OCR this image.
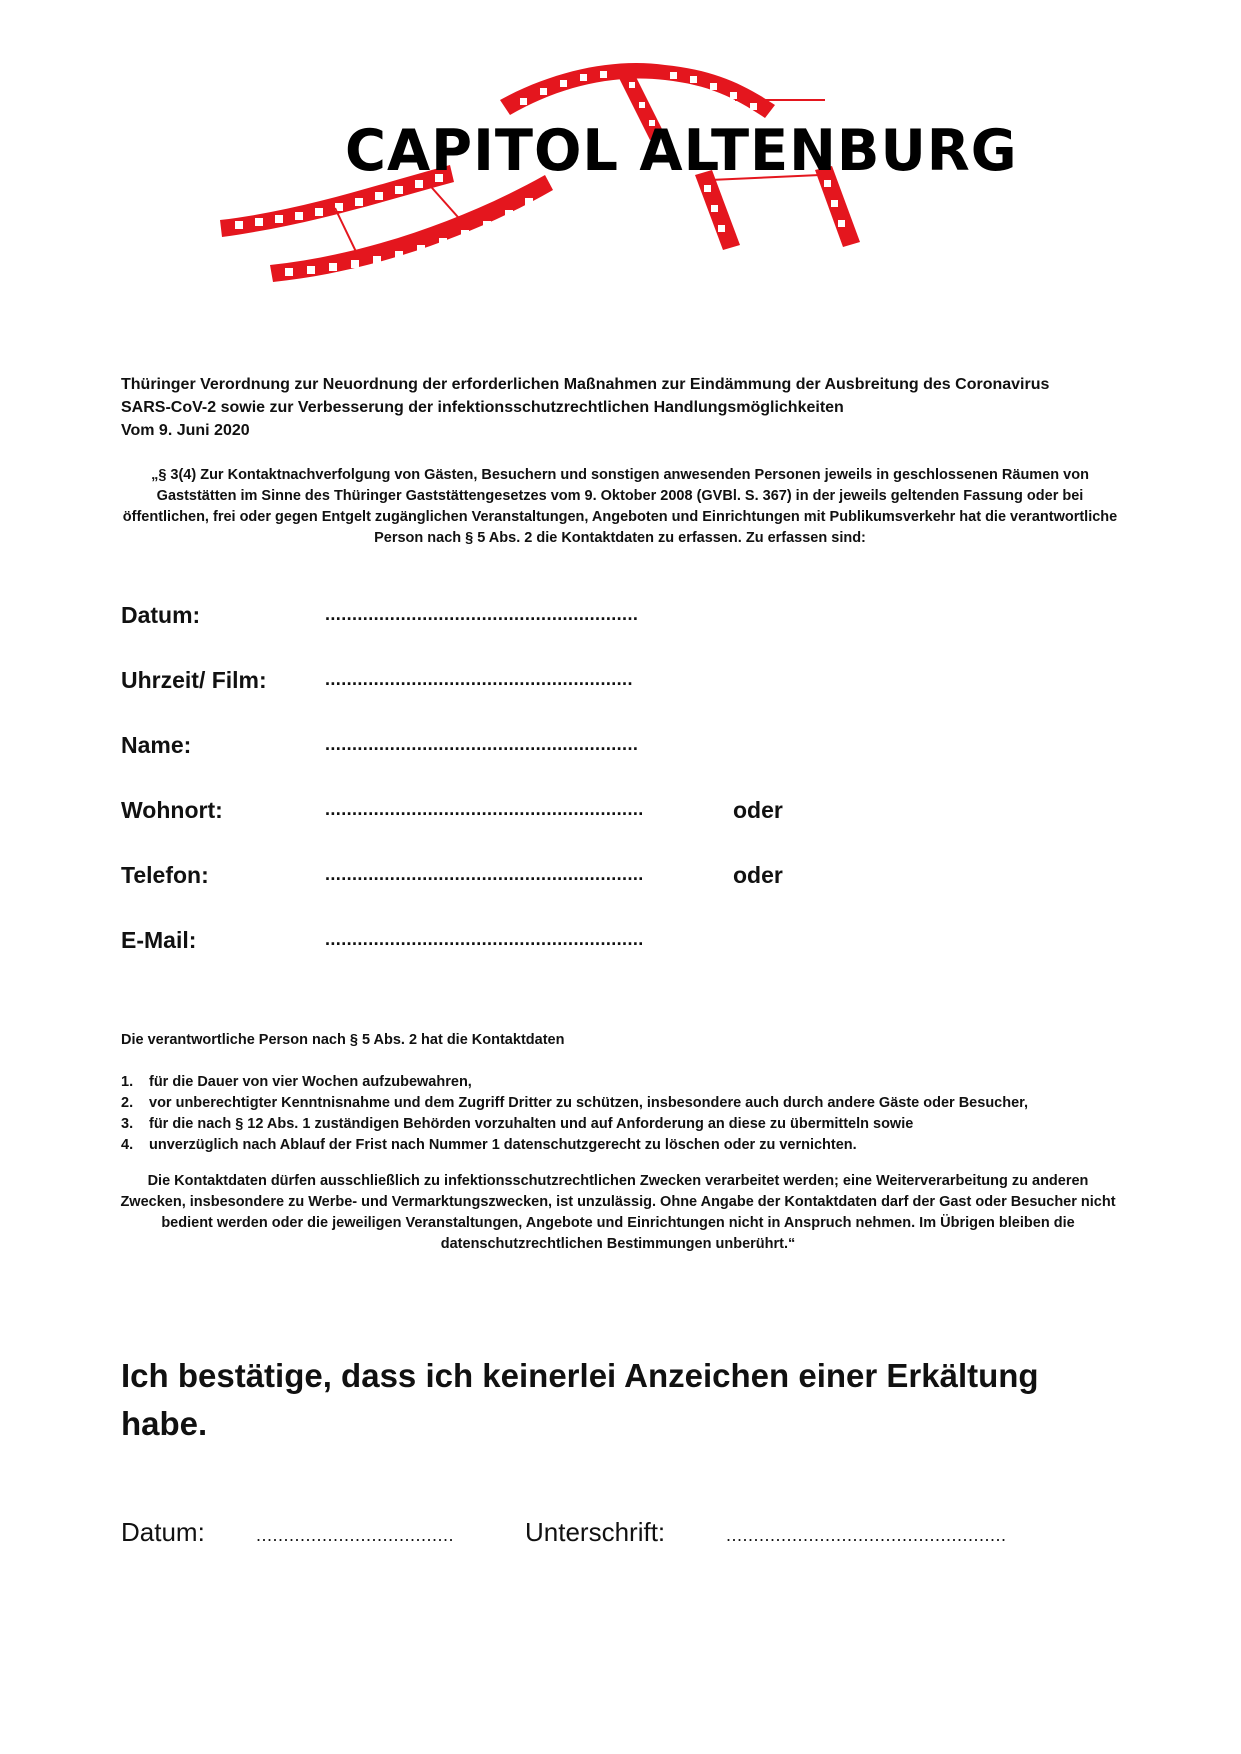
CAPITOL ALTENBURG
Thüringer Verordnung zur Neuordnung der erforderlichen Maßnahmen zur Eindämmung der Ausbreitung des Coronavirus
SARS-CoV-2 sowie zur Verbesserung der infektionsschutzrechtlichen Handlungsmöglichkeiten
Vom 9. Juni 2020
„§ 3(4) Zur Kontaktnachverfolgung von Gästen, Besuchern und sonstigen anwesenden Personen jeweils in geschlossenen Räumen von Gaststätten im Sinne des Thüringer Gaststättengesetzes vom 9. Oktober 2008 (GVBl. S. 367) in der jeweils geltenden Fassung oder bei öffentlichen, frei oder gegen Entgelt zugänglichen Veranstaltungen, Angeboten und Einrichtungen mit Publikumsverkehr hat die verantwortliche Person nach § 5 Abs. 2 die Kontaktdaten zu erfassen. Zu erfassen sind:
Datum:	..........................................................
Uhrzeit/ Film:	.........................................................
Name:	..........................................................
Wohnort:	...........................................................	oder
Telefon:	...........................................................	oder
E-Mail:	...........................................................
Die verantwortliche Person nach § 5 Abs. 2 hat die Kontaktdaten
1. für die Dauer von vier Wochen aufzubewahren,
2. vor unberechtigter Kenntnisnahme und dem Zugriff Dritter zu schützen, insbesondere auch durch andere Gäste oder Besucher,
3. für die nach § 12 Abs. 1 zuständigen Behörden vorzuhalten und auf Anforderung an diese zu übermitteln sowie
4. unverzüglich nach Ablauf der Frist nach Nummer 1 datenschutzgerecht zu löschen oder zu vernichten.
Die Kontaktdaten dürfen ausschließlich zu infektionsschutzrechtlichen Zwecken verarbeitet werden; eine Weiterverarbeitung zu anderen Zwecken, insbesondere zu Werbe- und Vermarktungszwecken, ist unzulässig. Ohne Angabe der Kontaktdaten darf der Gast oder Besucher nicht bedient werden oder die jeweiligen Veranstaltungen, Angebote und Einrichtungen nicht in Anspruch nehmen. Im Übrigen bleiben die datenschutzrechtlichen Bestimmungen unberührt.“
Ich bestätige, dass ich keinerlei Anzeichen einer Erkältung habe.
Datum:	....................................	Unterschrift:	...................................................
